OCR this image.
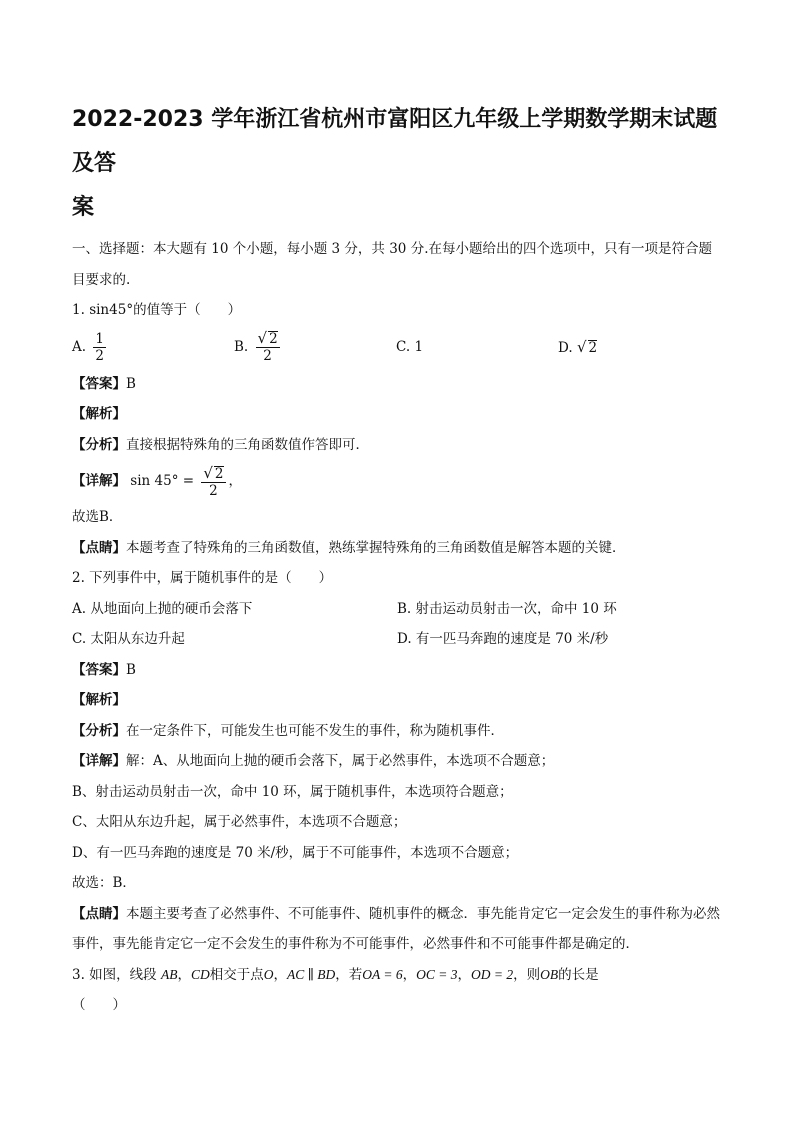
2022-2023 学年浙江省杭州市富阳区九年级上学期数学期末试题及答
案

一、选择题：本大题有 10 个小题，每小题 3 分，共 30 分.在每小题给出的四个选项中，只有一项是符合题目要求的.

1. sin45°的值等于（　　）

A. $\frac{1}{2}$	B. $\frac{√ 2}{2}$	C. 1	D. √ 2

【答案】B

【解析】

【分析】直接根据特殊角的三角函数值作答即可．

【详解】 $\sin 45^\circ = \frac{√ 2}{2}$ ，

故选B．

【点睛】本题考查了特殊角的三角函数值，熟练掌握特殊角的三角函数值是解答本题的关键．

2. 下列事件中，属于随机事件的是（　　）

A. 从地面向上抛的硬币会落下	B. 射击运动员射击一次，命中 10 环
C. 太阳从东边升起	D. 有一匹马奔跑的速度是 70 米/秒

【答案】B

【解析】

【分析】在一定条件下，可能发生也可能不发生的事件，称为随机事件．

【详解】解：A、从地面向上抛的硬币会落下，属于必然事件，本选项不合题意；

B、射击运动员射击一次，命中 10 环，属于随机事件，本选项符合题意；

C、太阳从东边升起，属于必然事件，本选项不合题意；

D、有一匹马奔跑的速度是 70 米/秒，属于不可能事件，本选项不合题意；

故选：B．

【点睛】本题主要考查了必然事件、不可能事件、随机事件的概念．事先能肯定它一定会发生的事件称为必然事件，事先能肯定它一定不会发生的事件称为不可能事件，必然事件和不可能事件都是确定的．

3. 如图，线段 AB，CD相交于点O，AC ∥ BD，若OA = 6，OC = 3，OD = 2，则OB的长是

（　　）
